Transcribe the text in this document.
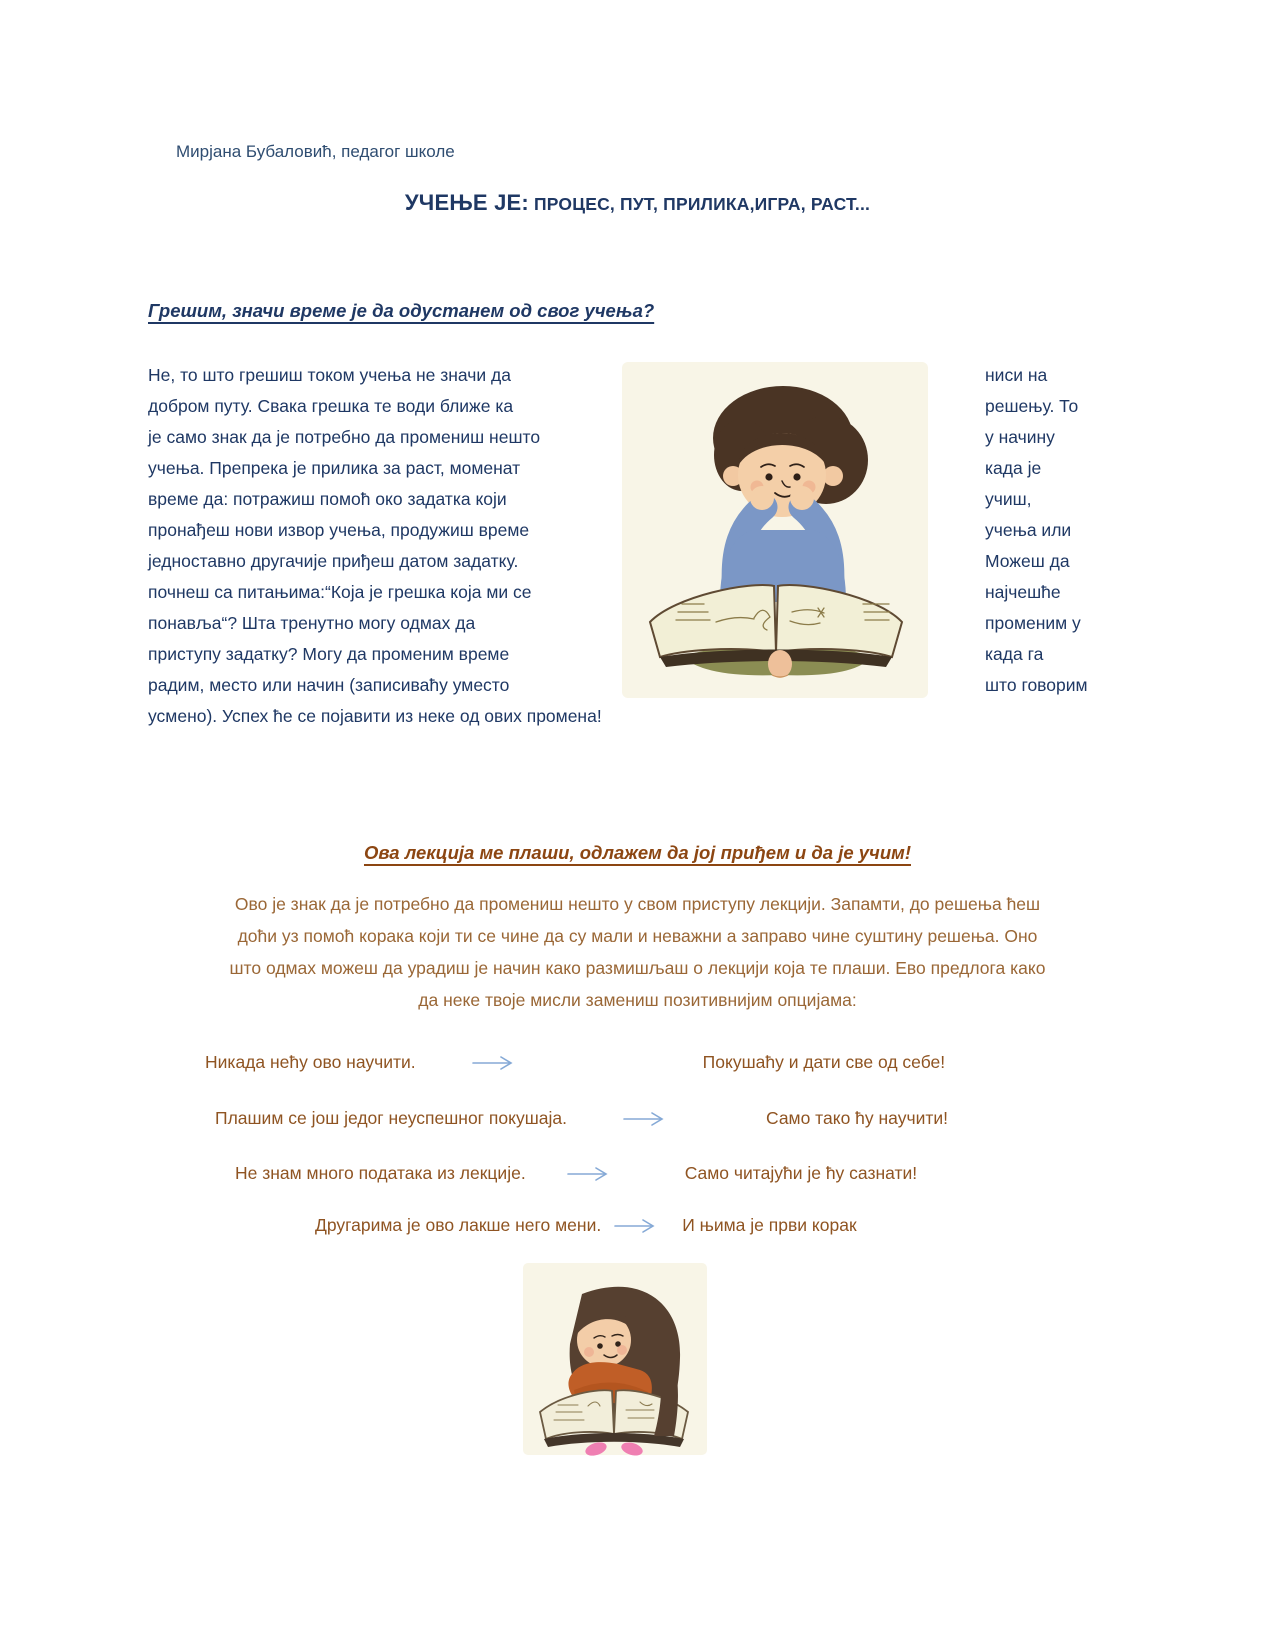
Мирјана Бубаловић, педагог школе
УЧЕЊЕ ЈЕ: ПРОЦЕС, ПУТ, ПРИЛИКА,ИГРА, РАСТ...
Грешим, значи време је да одустанем од свог учења?
Не, то што грешиш током учења не значи да
добром путу. Свака грешка те води ближе ка
је само знак да је потребно да промениш нешто
учења. Препрека је прилика за раст, моменат
време да: потражиш помоћ око задатка који
пронађеш нови извор учења, продужиш време
једноставно другачије приђеш датом задатку.
почнеш са питањима:“Која је грешка која ми се
понавља“? Шта тренутно могу одмах да
приступу задатку? Могу да променим време
радим, место или начин (записиваћу уместо
усмено). Успех ће се појавити из неке од ових промена!
ниси на
решењу. То
у начину
када је
учиш,
учења или
Можеш да
најчешће
променим у
када га
што говорим
Ова лекција ме плаши, одлажем да јој приђем и да је учим!
Ово је знак да је потребно да промениш нешто у свом приступу лекцији. Запамти, до решења ћеш
доћи уз помоћ корака који ти се чине да су мали и неважни а заправо чине суштину решења. Оно
што одмах можеш да урадиш је начин како размишљаш о лекцији која те плаши. Ево предлога како
да неке твоје мисли замениш позитивнијим опцијама:
Никада нећу ово научити.	Покушаћу и дати све од себе!
Плашим се још једог неуспешног покушаја.	Само тако ћу научити!
Не знам много података из лекције.	Само читајући је ћу сазнати!
Другарима је ово лакше него мени.	И њима је први корак
